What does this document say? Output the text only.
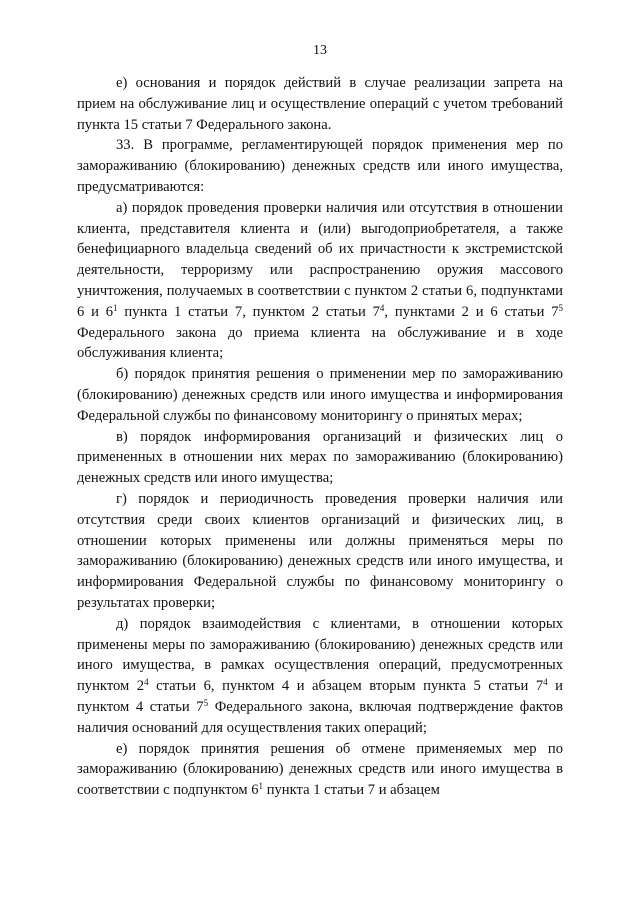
13

е) основания и порядок действий в случае реализации запрета на прием на обслуживание лиц и осуществление операций с учетом требований пункта 15 статьи 7 Федерального закона.

33. В программе, регламентирующей порядок применения мер по замораживанию (блокированию) денежных средств или иного имущества, предусматриваются:

а) порядок проведения проверки наличия или отсутствия в отношении клиента, представителя клиента и (или) выгодоприобретателя, а также бенефициарного владельца сведений об их причастности к экстремистской деятельности, терроризму или распространению оружия массового уничтожения, получаемых в соответствии с пунктом 2 статьи 6, подпунктами 6 и $6^1$ пункта 1 статьи 7, пунктом 2 статьи $7^4$, пунктами 2 и 6 статьи $7^5$ Федерального закона до приема клиента на обслуживание и в ходе обслуживания клиента;

б) порядок принятия решения о применении мер по замораживанию (блокированию) денежных средств или иного имущества и информирования Федеральной службы по финансовому мониторингу о принятых мерах;

в) порядок информирования организаций и физических лиц о примененных в отношении них мерах по замораживанию (блокированию) денежных средств или иного имущества;

г) порядок и периодичность проведения проверки наличия или отсутствия среди своих клиентов организаций и физических лиц, в отношении которых применены или должны применяться меры по замораживанию (блокированию) денежных средств или иного имущества, и информирования Федеральной службы по финансовому мониторингу о результатах проверки;

д) порядок взаимодействия с клиентами, в отношении которых применены меры по замораживанию (блокированию) денежных средств или иного имущества, в рамках осуществления операций, предусмотренных пунктом $2^4$ статьи 6, пунктом 4 и абзацем вторым пункта 5 статьи $7^4$ и пунктом 4 статьи $7^5$ Федерального закона, включая подтверждение фактов наличия оснований для осуществления таких операций;

е) порядок принятия решения об отмене применяемых мер по замораживанию (блокированию) денежных средств или иного имущества в соответствии с подпунктом $6^1$ пункта 1 статьи 7 и абзацем
